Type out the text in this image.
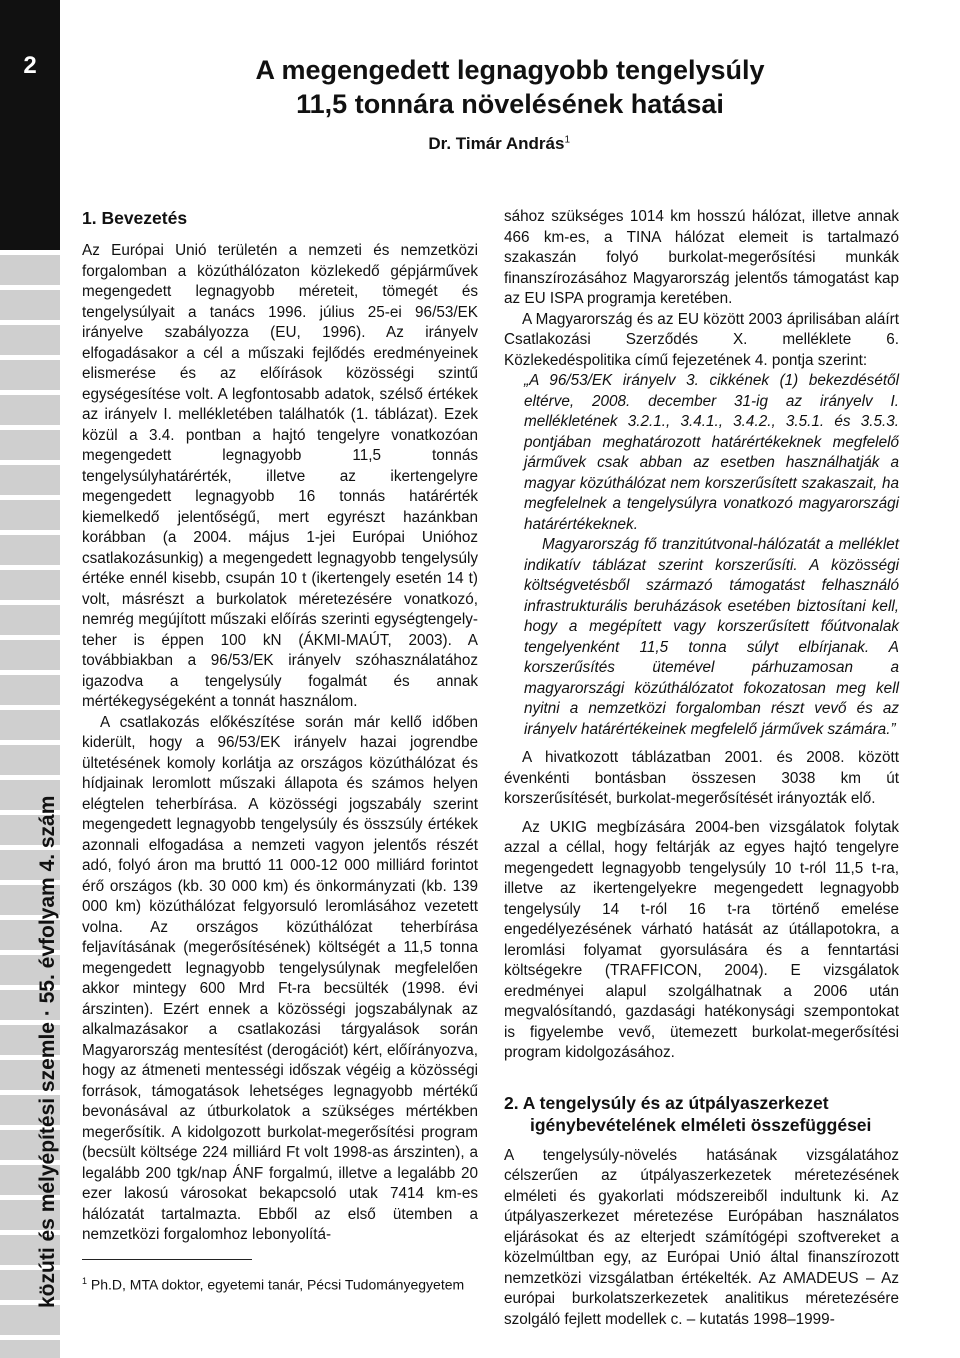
2
közúti és mélyépítési szemle · 55. évfolyam 4. szám
A megengedett legnagyobb tengelysúly
11,5 tonnára növelésének hatásai
Dr. Timár András$^1$
1. Bevezetés

Az Európai Unió területén a nemzeti és nemzetközi forgalomban a közúthálózaton közlekedő gépjárművek megengedett legnagyobb méreteit, tömegét és tengelysúlyait a tanács 1996. július 25-ei 96/53/EK irányelve szabályozza (EU, 1996). Az irányelv elfogadásakor a cél a műszaki fejlődés eredményeinek elismerése és az előírások közösségi szintű egységesítése volt. A legfontosabb adatok, szélső értékek az irányelv I. mellékletében találhatók (1. táblázat). Ezek közül a 3.4. pontban a hajtó tengelyre vonatkozóan megengedett legnagyobb 11,5 tonnás tengelysúlyhatárérték, illetve az ikertengelyre megengedett legnagyobb 16 tonnás határérték kiemelkedő jelentőségű, mert egyrészt hazánkban korábban (a 2004. május 1-jei Európai Unióhoz csatlakozásunkig) a megengedett legnagyobb tengelysúly értéke ennél kisebb, csupán 10 t (ikertengely esetén 14 t) volt, másrészt a burkolatok méretezésére vonatkozó, nemrég megújított műszaki előírás szerinti egységtengely-teher is éppen 100 kN (ÁKMI-MAÚT, 2003). A továbbiakban a 96/53/EK irányelv szóhasználatához igazodva a tengelysúly fogalmát és annak mértékegységeként a tonnát használom.

A csatlakozás előkészítése során már kellő időben kiderült, hogy a 96/53/EK irányelv hazai jogrendbe ültetésének komoly korlátja az országos közúthálózat és hídjainak leromlott műszaki állapota és számos helyen elégtelen teherbírása. A közösségi jogszabály szerint megengedett legnagyobb tengelysúly és összsúly értékek azonnali elfogadása a nemzeti vagyon jelentős részét adó, folyó áron ma bruttó 11 000-12 000 milliárd forintot érő országos (kb. 30 000 km) és önkormányzati (kb. 139 000 km) közúthálózat felgyorsuló leromlásához vezetett volna. Az országos közúthálózat teherbírása feljavításának (megerősítésének) költségét a 11,5 tonna megengedett legnagyobb tengelysúlynak megfelelően akkor mintegy 600 Mrd Ft-ra becsülték (1998. évi árszinten). Ezért ennek a közösségi jogszabálynak az alkalmazásakor a csatlakozási tárgyalások során Magyarország mentesítést (derogációt) kért, előírányozva, hogy az átmeneti mentességi időszak végéig a közösségi források, támogatások lehetséges legnagyobb mértékű bevonásával az útburkolatok a szükséges mértékben megerősítik. A kidolgozott burkolat-megerősítési program (becsült költsége 224 milliárd Ft volt 1998-as árszinten), a legalább 200 tgk/nap ÁNF forgalmú, illetve a legalább 20 ezer lakosú városokat bekapcsoló utak 7414 km-es hálózatát tartalmazta. Ebből az első ütemben a nemzetközi forgalomhoz lebonyolítá-

$^1$ Ph.D, MTA doktor, egyetemi tanár, Pécsi Tudományegyetem

sához szükséges 1014 km hosszú hálózat, illetve annak 466 km-es, a TINA hálózat elemeit is tartalmazó szakaszán folyó burkolat-megerősítési munkák finanszírozásához Magyarország jelentős támogatást kap az EU ISPA programja keretében.

A Magyarország és az EU között 2003 áprilisában aláírt Csatlakozási Szerződés X. melléklete 6. Közlekedéspolitika című fejezetének 4. pontja szerint:

„A 96/53/EK irányelv 3. cikkének (1) bekezdésétől eltérve, 2008. december 31-ig az irányelv I. mellékletének 3.2.1., 3.4.1., 3.4.2., 3.5.1. és 3.5.3. pontjában meghatározott határértékeknek megfelelő járművek csak abban az esetben használhatják a magyar közúthálózat nem korszerűsített szakaszait, ha megfelelnek a tengelysúlyra vonatkozó magyarországi határértékeknek.

Magyarország fő tranzitútvonal-hálózatát a melléklet indikatív táblázat szerint korszerűsíti. A közösségi költségvetésből származó támogatást felhasználó infrastrukturális beruházások esetében biztosítani kell, hogy a megépített vagy korszerűsített főútvonalak tengelyenként 11,5 tonna súlyt elbírjanak. A korszerűsítés ütemével párhuzamosan a magyarországi közúthálózatot fokozatosan meg kell nyitni a nemzetközi forgalomban részt vevő és az irányelv határértékeinek megfelelő járművek számára.”

A hivatkozott táblázatban 2001. és 2008. között évenkénti bontásban összesen 3038 km út korszerűsítését, burkolat-megerősítését irányozták elő.

Az UKIG megbízására 2004-ben vizsgálatok folytak azzal a céllal, hogy feltárják az egyes hajtó tengelyre megengedett legnagyobb tengelysúly 10 t-ról 11,5 t-ra, illetve az ikertengelyekre megengedett legnagyobb tengelysúly 14 t-ról 16 t-ra történő emelése engedélyezésének várható hatását az útállapotokra, a leromlási folyamat gyorsulására és a fenntartási költségekre (TRAFFICON, 2004). E vizsgálatok eredményei alapul szolgálhatnak a 2006 után megvalósítandó, gazdasági hatékonysági szempontokat is figyelembe vevő, ütemezett burkolat-megerősítési program kidolgozásához.

2. A tengelysúly és az útpályaszerkezet
igénybevételének elméleti összefüggései

A tengelysúly-növelés hatásának vizsgálatához célszerűen az útpályaszerkezetek méretezésének elméleti és gyakorlati módszereiből indultunk ki. Az útpályaszerkezet méretezése Európában használatos eljárásokat és az elterjedt számítógépi szoftvereket a közelmúltban egy, az Európai Unió által finanszírozott nemzetközi vizsgálatban értékelték. Az AMADEUS – Az európai burkolatszerkezetek analitikus méretezésére szolgáló fejlett modellek c. – kutatás 1998–1999-
